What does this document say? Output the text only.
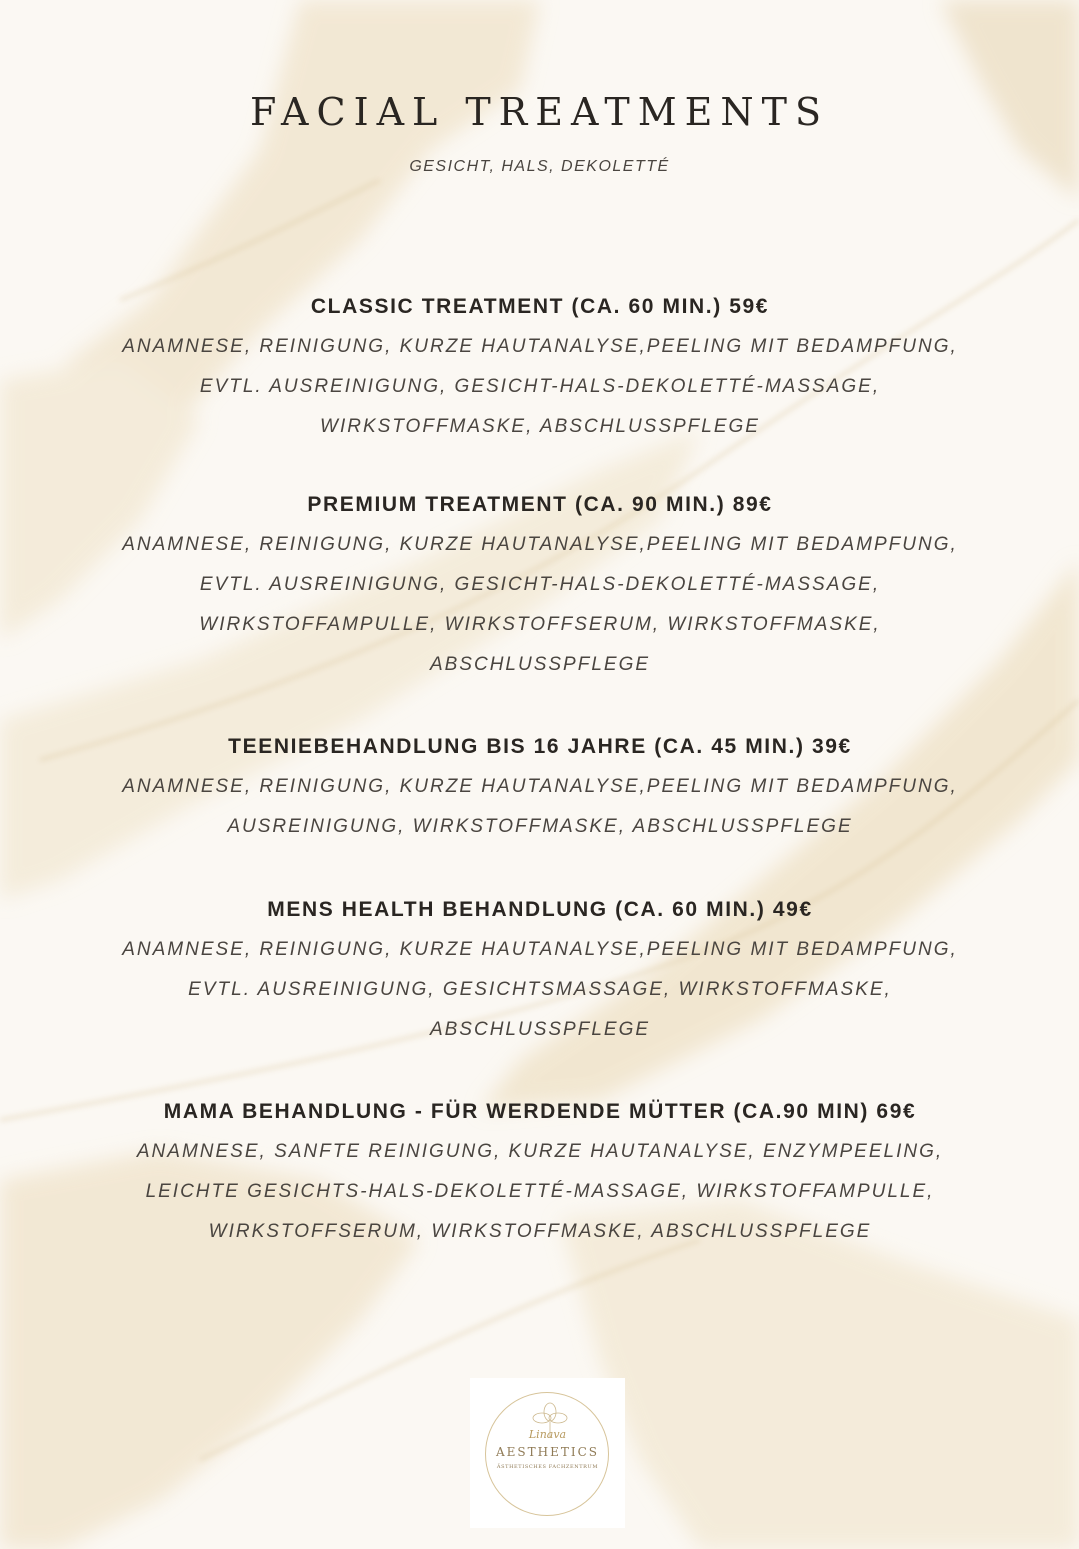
FACIAL TREATMENTS

GESICHT, HALS, DEKOLETTÉ

CLASSIC TREATMENT (CA. 60 MIN.) 59€

ANAMNESE, REINIGUNG, KURZE HAUTANALYSE,PEELING MIT BEDAMPFUNG,

EVTL. AUSREINIGUNG, GESICHT-HALS-DEKOLETTÉ-MASSAGE,

WIRKSTOFFMASKE, ABSCHLUSSPFLEGE

PREMIUM TREATMENT (CA. 90 MIN.) 89€

ANAMNESE, REINIGUNG, KURZE HAUTANALYSE,PEELING MIT BEDAMPFUNG,

EVTL. AUSREINIGUNG, GESICHT-HALS-DEKOLETTÉ-MASSAGE,

WIRKSTOFFAMPULLE, WIRKSTOFFSERUM, WIRKSTOFFMASKE,

ABSCHLUSSPFLEGE

TEENIEBEHANDLUNG BIS 16 JAHRE (CA. 45 MIN.) 39€

ANAMNESE, REINIGUNG, KURZE HAUTANALYSE,PEELING MIT BEDAMPFUNG,

AUSREINIGUNG, WIRKSTOFFMASKE, ABSCHLUSSPFLEGE

MENS HEALTH BEHANDLUNG (CA. 60 MIN.) 49€

ANAMNESE, REINIGUNG, KURZE HAUTANALYSE,PEELING MIT BEDAMPFUNG,

EVTL. AUSREINIGUNG, GESICHTSMASSAGE, WIRKSTOFFMASKE,

ABSCHLUSSPFLEGE

MAMA BEHANDLUNG - FÜR WERDENDE MÜTTER (CA.90 MIN) 69€

ANAMNESE, SANFTE REINIGUNG, KURZE HAUTANALYSE, ENZYMPEELING,

LEICHTE GESICHTS-HALS-DEKOLETTÉ-MASSAGE, WIRKSTOFFAMPULLE,

WIRKSTOFFSERUM, WIRKSTOFFMASKE, ABSCHLUSSPFLEGE

Linava
AESTHETICS
ÄSTHETISCHES FACHZENTRUM
